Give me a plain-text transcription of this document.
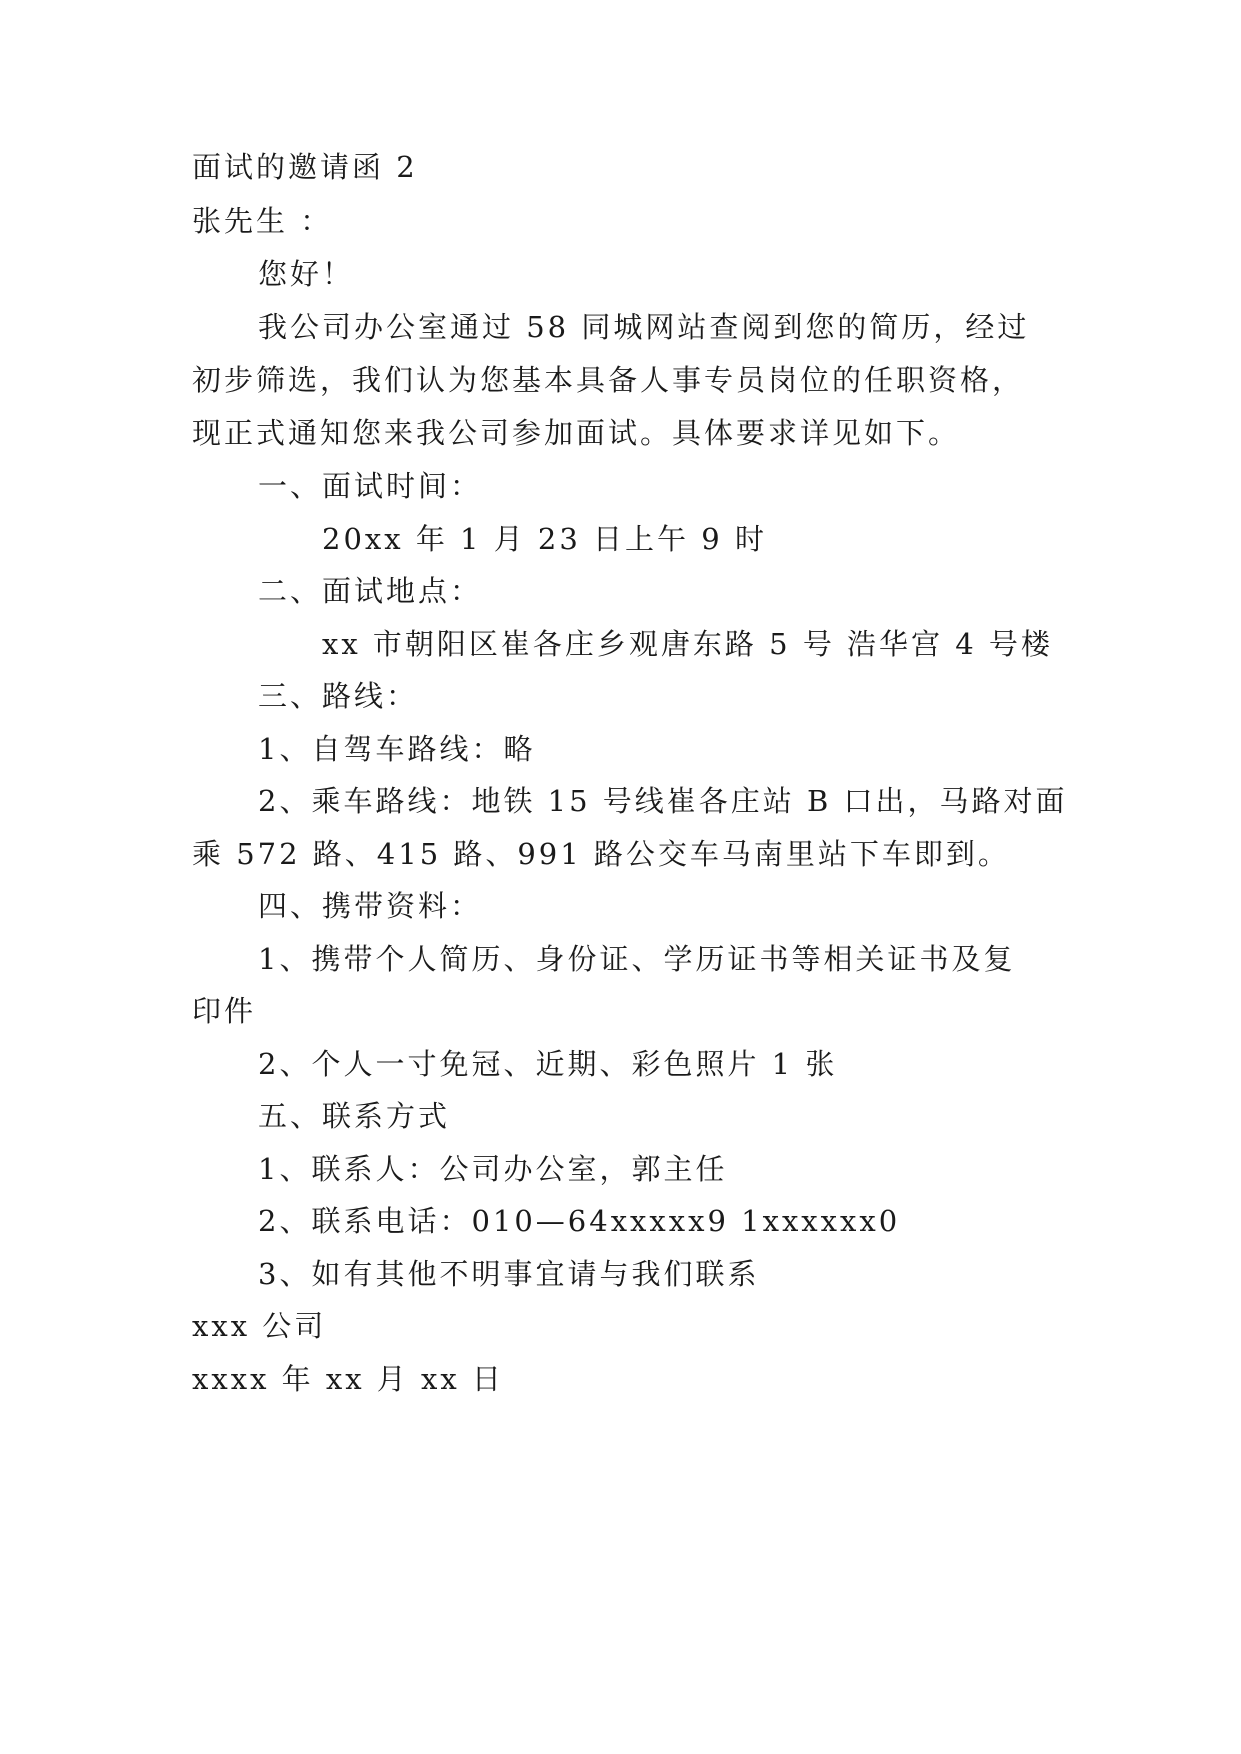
面试的邀请函 2
张先生 ：
您好！
我公司办公室通过 58 同城网站查阅到您的简历，经过
初步筛选，我们认为您基本具备人事专员岗位的任职资格，
现正式通知您来我公司参加面试。具体要求详见如下。
一、面试时间：
20xx 年 1 月 23 日上午 9 时
二、面试地点：
xx 市朝阳区崔各庄乡观唐东路 5 号 浩华宫 4 号楼
三、路线：
1、自驾车路线：略
2、乘车路线：地铁 15 号线崔各庄站 B 口出，马路对面
乘 572 路、415 路、991 路公交车马南里站下车即到。
四、携带资料：
1、携带个人简历、身份证、学历证书等相关证书及复
印件
2、个人一寸免冠、近期、彩色照片 1 张
五、联系方式
1、联系人：公司办公室，郭主任
2、联系电话：010—64xxxxx9 1xxxxxx0
3、如有其他不明事宜请与我们联系
xxx 公司
xxxx 年 xx 月 xx 日
